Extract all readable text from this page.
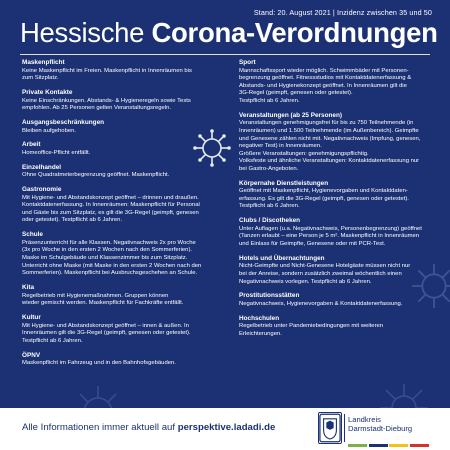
Stand: 20. August 2021 | Inzidenz zwischen 35 und 50
Hessische Corona-Verordnungen
Maskenpflicht

Keine Maskenpflicht im Freien. Maskenpflicht in Innenräumen bis
zum Sitzplatz.

Private Kontakte

Keine Einschränkungen. Abstands- & Hygieneregeln sowie Tests
empfohlen. Ab 25 Personen gelten Veranstaltungsregeln.

Ausgangsbeschränkungen

Bleiben aufgehoben.

Arbeit

Homeoffice-Pflicht entfällt.

Einzelhandel

Ohne Quadratmeterbegrenzung geöffnet. Maskenpflicht.

Gastronomie

Mit Hygiene- und Abstandskonzept geöffnet – drinnen und draußen.
Kontaktdatenerfassung. In Innenräumen: Maskenpflicht für Personal
und Gäste bis zum Sitzplatz, es gilt die 3G-Regel (geimpft, genesen
oder getestet). Testpflicht ab 6 Jahren.

Schule

Präsenzunterricht für alle Klassen. Negativnachweis 2x pro Woche
(3x pro Woche in den ersten 2 Wochen nach den Sommerferien).
Maske im Schulgebäude und Klassenzimmer bis zum Sitzplatz.
Unterricht ohne Maske (mit Maske in den ersten 2 Wochen nach den
Sommerferien). Maskenpflicht bei Ausbruchsgeschehen an Schule.

Kita

Regelbetrieb mit Hygienemaßnahmen. Gruppen können
wieder gemischt werden. Maskenpflicht für Fachkräfte entfällt.

Kultur

Mit Hygiene- und Abstandskonzept geöffnet – innen & außen. In
Innenräumen gilt die 3G-Regel (geimpft, genesen oder getestet).
Testpflicht ab 6 Jahren.

ÖPNV

Maskenpflicht im Fahrzeug und in den Bahnhofsgebäuden.

Sport

Mannschaftssport wieder möglich. Schwimmbäder mit Personen-
begrenzung geöffnet. Fitnessstudios mit Kontaktdatenerfassung &
Abstands- und Hygienekonzept geöffnet. In Innenräumen gilt die
3G-Regel (geimpft, genesen oder getestet).
Testpflicht ab 6 Jahren.

Veranstaltungen (ab 25 Personen)

Veranstaltungen genehmigungsfrei für bis zu 750 Teilnehmende (in
Innenräumen) und 1.500 Teilnehmende (im Außenbereich). Geimpfte
und Genesene zählen nicht mit. Negativnachweis (Impfung, genesen,
negativer Test) in Innenräumen.
Größere Veranstaltungen: genehmigungspflichtig.
Volksfeste und ähnliche Veranstaltungen: Kontaktdatenerfassung nur
bei Gastro-Angeboten.

Körpernahe Dienstleistungen

Geöffnet mit Maskenpflicht, Hygienevorgaben und Kontaktdaten-
erfassung. Es gilt die 3G-Regel (geimpft, genesen oder getestet).
Testpflicht ab 6 Jahren.

Clubs / Discotheken

Unter Auflagen (u.a. Negativnachweis, Personenbegrenzung) geöffnet
(Tanzen erlaubt – eine Person je 5 m². Maskenpflicht in Innenräumen
und Einlass für Geimpfte, Genesene oder mit PCR-Test.

Hotels und Übernachtungen

Nicht-Geimpfte und Nicht-Genesene Hotelgäste müssen nicht nur
bei der Anreise, sondern zusätzlich zweimal wöchentlich einen
Negativnachweis vorlegen. Testpflicht ab 6 Jahren.

Prostitutionsstätten

Negativnachweis, Hygienevorgaben & Kontaktdatenerfassung.

Hochschulen

Regelbetrieb unter Pandemiebedingungen mit weiteren
Erleichterungen.

Alle Informationen immer aktuell auf perspektive.ladadi.de
Landkreis
Darmstadt-Dieburg
